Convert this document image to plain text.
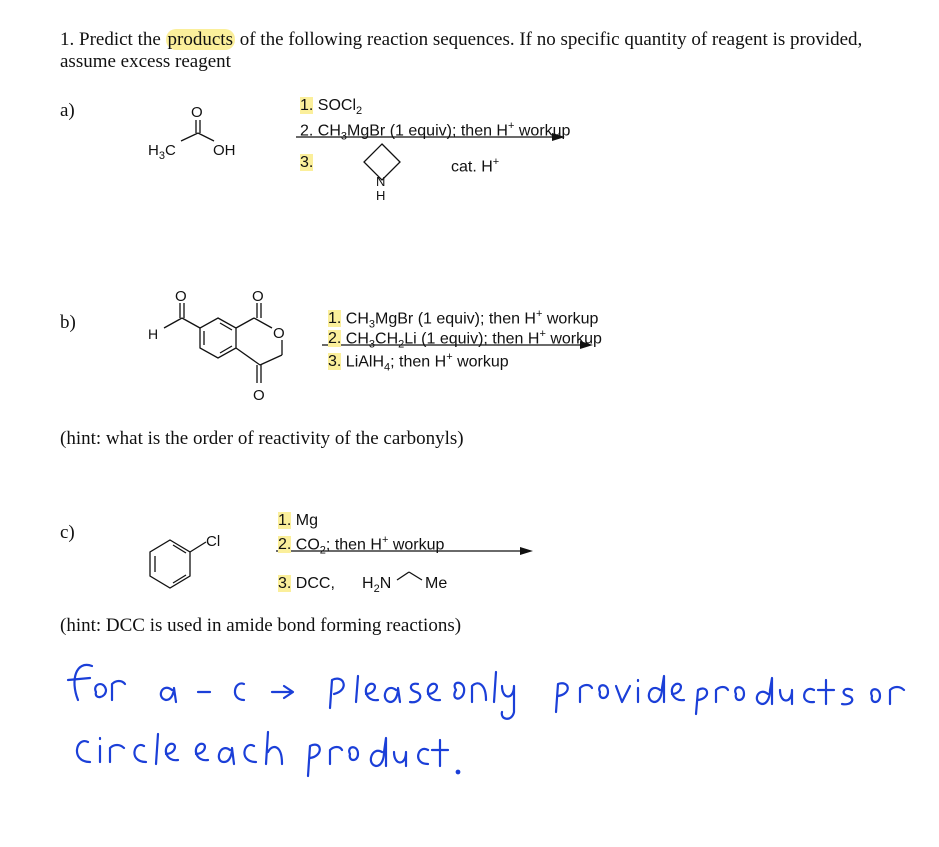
1. Predict the products of the following reaction sequences. If no specific quantity of reagent is provided, assume excess reagent
a)	O
$H_3C$ OH
N
H
O
H
O
O
O
Cl
1. SOCl$_2$
2. $CH_3MgBr$ (1 equiv); then H+ workup
3.	cat. H+
b)	1. $CH_3MgBr$ (1 equiv); then H+ workup
2. $CH_3CH_2Li$ (1 equiv); then H+ workup
3. LiAlH$_4$; then H+ workup
(hint: what is the order of reactivity of the carbonyls)
c)
1. Mg
2. $CO_2$; then H+ workup
3. DCC, $H_2N$ Me
(hint: DCC is used in amide bond forming reactions)
